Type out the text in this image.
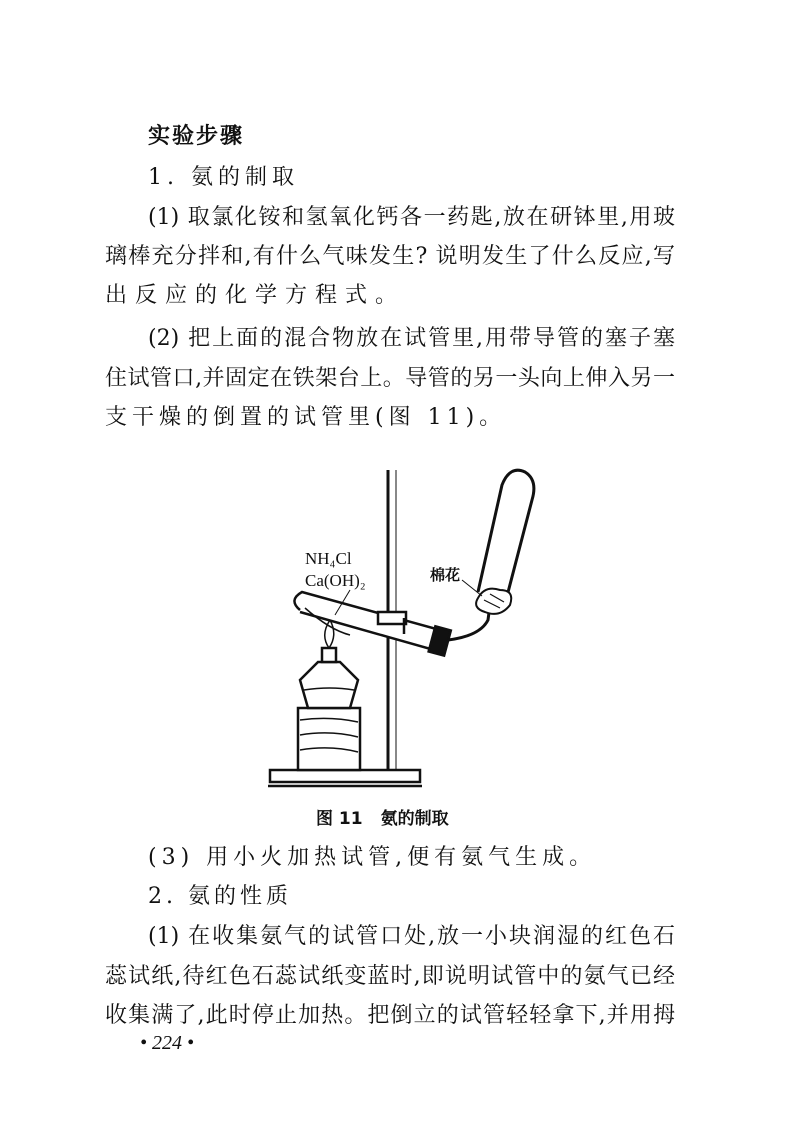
实验步骤
1. 氨的制取
(1) 取氯化铵和氢氧化钙各一药匙,放在研钵里,用玻
璃棒充分拌和,有什么气味发生? 说明发生了什么反应,写
出反应的化学方程式。
(2) 把上面的混合物放在试管里,用带导管的塞子塞
住试管口,并固定在铁架台上。导管的另一头向上伸入另一
支干燥的倒置的试管里(图 11)。
NH₄Cl
Ca(OH)₂	棉花
图 11 氨的制取
(3) 用小火加热试管,便有氨气生成。
2. 氨的性质
(1) 在收集氨气的试管口处,放一小块润湿的红色石
蕊试纸,待红色石蕊试纸变蓝时,即说明试管中的氨气已经
收集满了,此时停止加热。把倒立的试管轻轻拿下,并用拇
• 224 •
